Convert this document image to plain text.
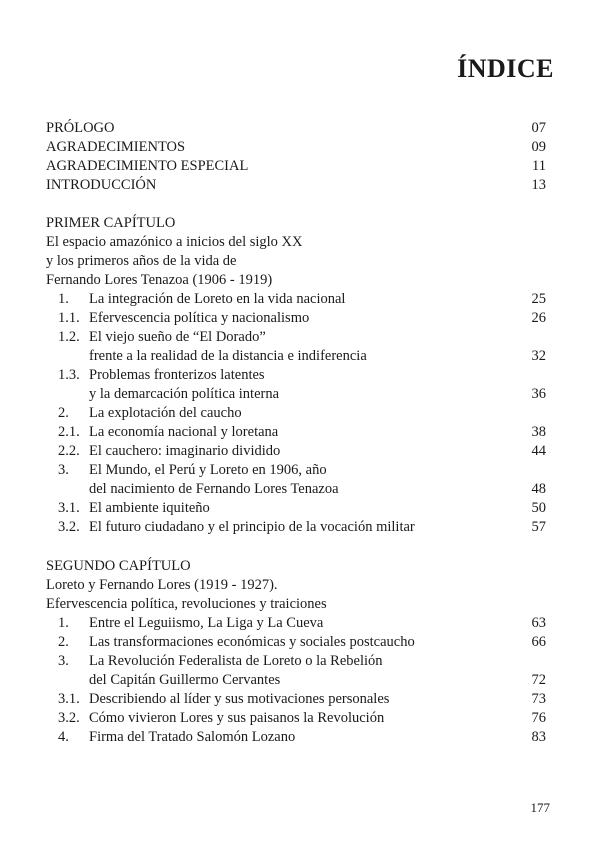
ÍNDICE
PRÓLOGO	07
AGRADECIMIENTOS	09
AGRADECIMIENTO ESPECIAL	11
INTRODUCCIÓN	13
PRIMER CAPÍTULO
El espacio amazónico a inicios del siglo XX
y los primeros años de la vida de
Fernando Lores Tenazoa (1906 - 1919)
1. La integración de Loreto en la vida nacional	25
1.1. Efervescencia política y nacionalismo	26
1.2. El viejo sueño de “El Dorado”
frente a la realidad de la distancia e indiferencia	32
1.3. Problemas fronterizos latentes
y la demarcación política interna	36
2. La explotación del caucho
2.1. La economía nacional y loretana	38
2.2. El cauchero: imaginario dividido	44
3. El Mundo, el Perú y Loreto en 1906, año
del nacimiento de Fernando Lores Tenazoa	48
3.1. El ambiente iquiteño	50
3.2. El futuro ciudadano y el principio de la vocación militar	57
SEGUNDO CAPÍTULO
Loreto y Fernando Lores (1919 - 1927).
Efervescencia política, revoluciones y traiciones
1. Entre el Leguiismo, La Liga y La Cueva	63
2. Las transformaciones económicas y sociales postcaucho	66
3. La Revolución Federalista de Loreto o la Rebelión
del Capitán Guillermo Cervantes	72
3.1. Describiendo al líder y sus motivaciones personales	73
3.2. Cómo vivieron Lores y sus paisanos la Revolución	76
4. Firma del Tratado Salomón Lozano	83
177
